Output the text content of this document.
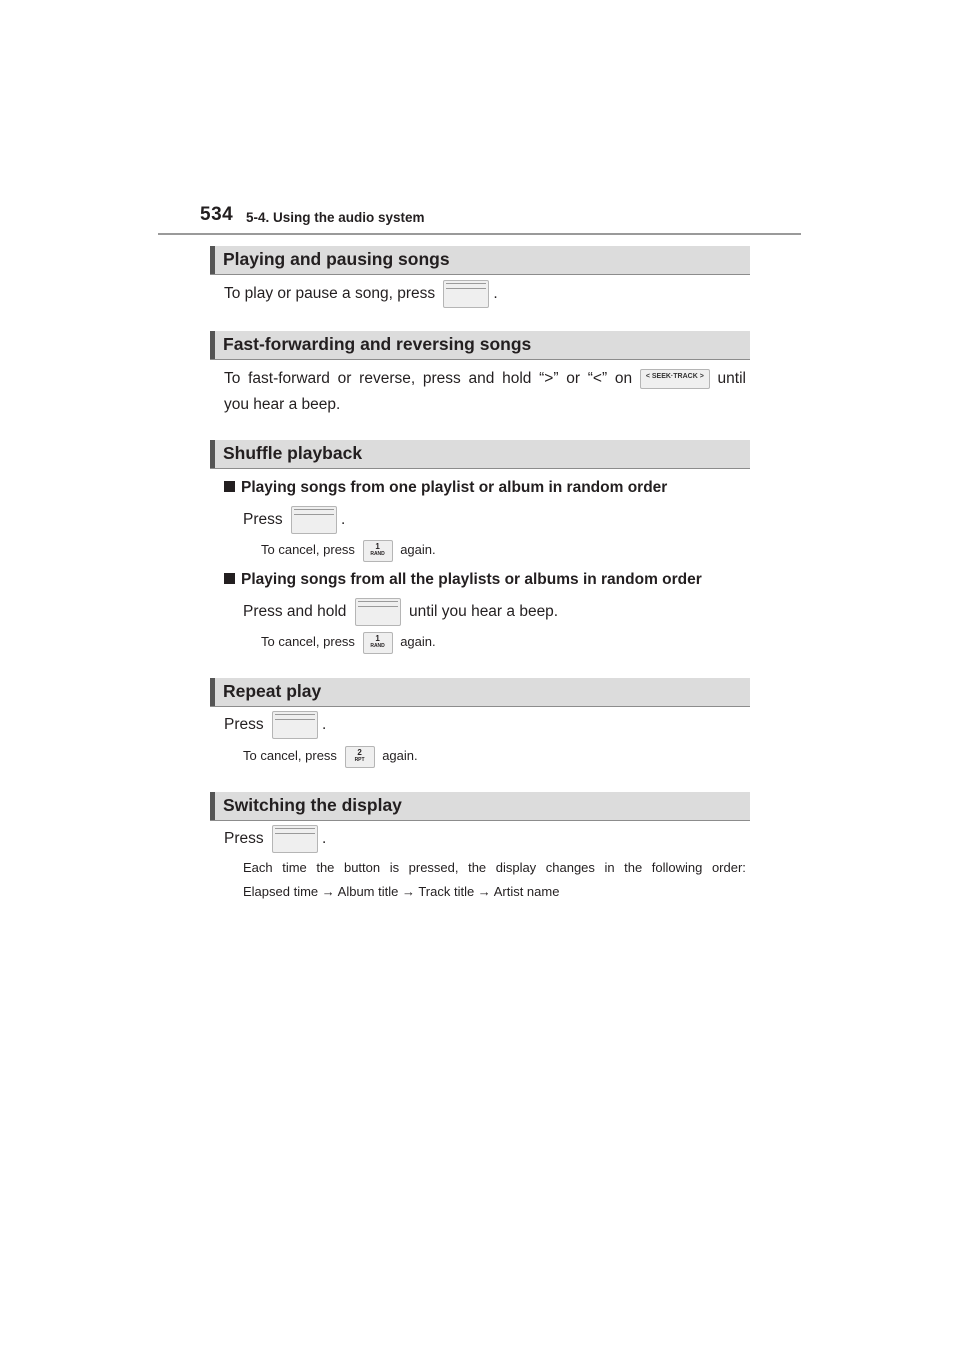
534 5-4. Using the audio system
Playing and pausing songs
To play or pause a song, press	.
Fast-forwarding and reversing songs
To fast-forward or reverse, press and hold “>” or “<” on	< SEEK·TRACK > until
you hear a beep.
Shuffle playback
Playing songs from one playlist or album in random order
Press	.
To cancel, press	1
RAND	again.
Playing songs from all the playlists or albums in random order
Press and hold	until you hear a beep.
To cancel, press	1
RAND	again.
Repeat play
Press	.
To cancel, press	2
RPT	again.
Switching the display
Press	.
Each time the button is pressed, the display changes in the following order:
Elapsed time → Album title → Track title → Artist name
